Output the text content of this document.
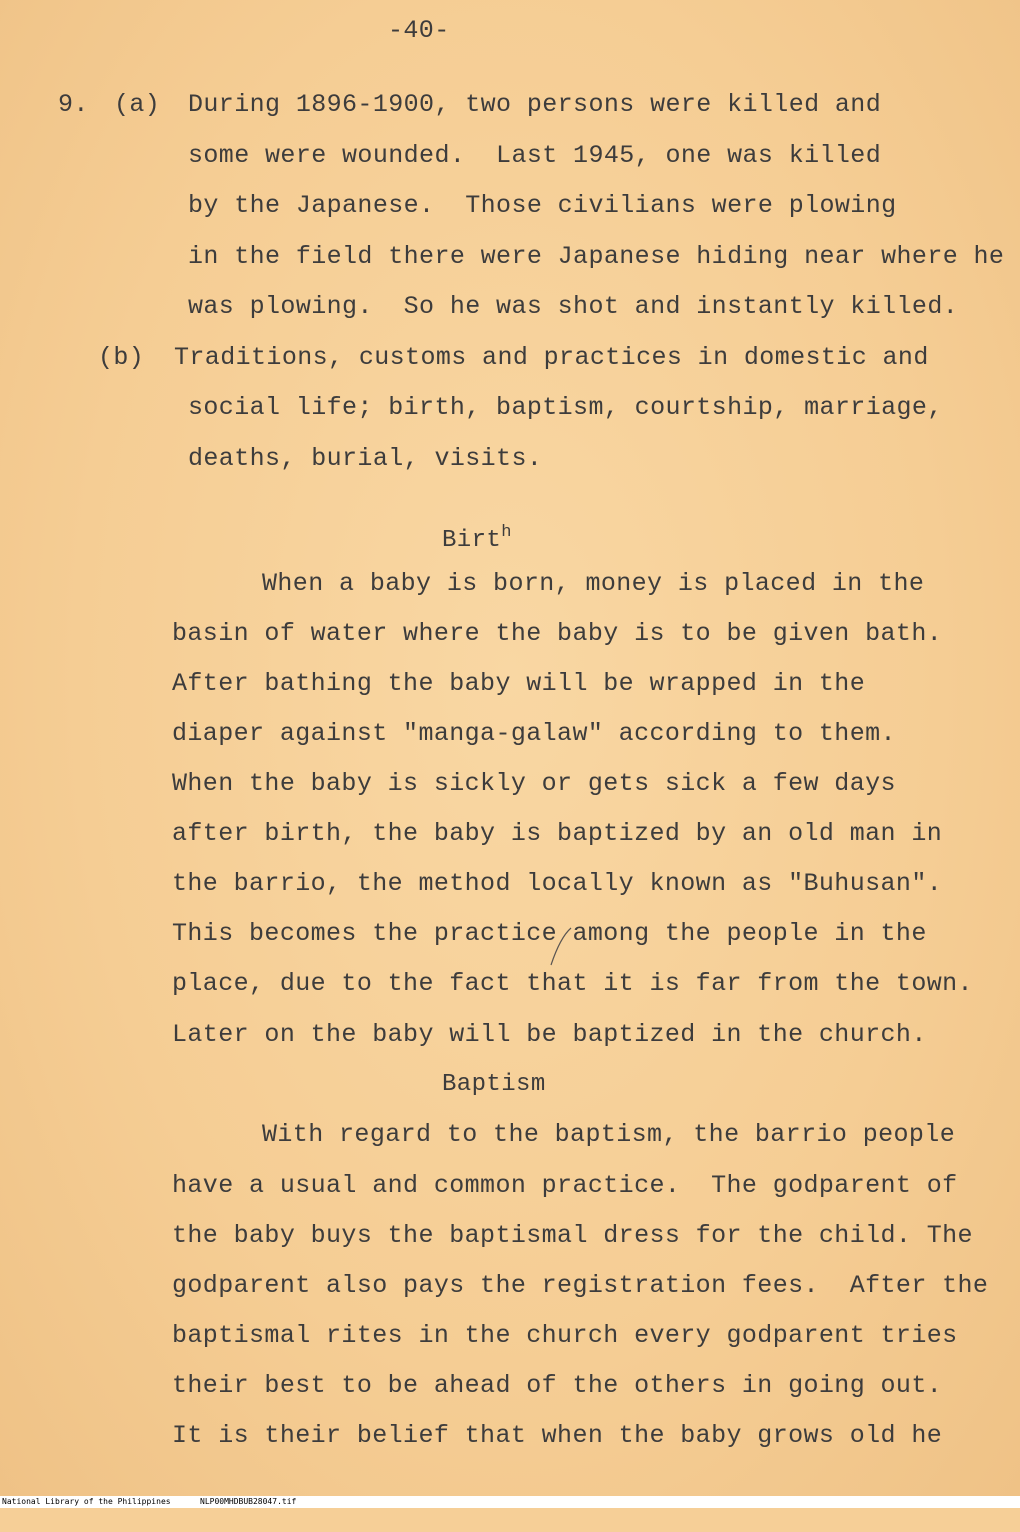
-40-
9. (a) During 1896-1900, two persons were killed and
some were wounded.  Last 1945, one was killed
by the Japanese.  Those civilians were plowing
in the field there were Japanese hiding near where he
was plowing.  So he was shot and instantly killed.
(b) Traditions, customs and practices in domestic and
social life; birth, baptism, courtship, marriage,
deaths, burial, visits.
Birt$^h$
When a baby is born, money is placed in the
basin of water where the baby is to be given bath.
After bathing the baby will be wrapped in the
diaper against "manga-galaw" according to them.
When the baby is sickly or gets sick a few days
after birth, the baby is baptized by an old man in
the barrio, the method locally known as "Buhusan".
This becomes the practice among the people in the
place, due to the fact that it is far from the town.
Later on the baby will be baptized in the church.
Baptism
With regard to the baptism, the barrio people
have a usual and common practice.  The godparent of
the baby buys the baptismal dress for the child. The
godparent also pays the registration fees.  After the
baptismal rites in the church every godparent tries
their best to be ahead of the others in going out.
It is their belief that when the baby grows old he

National Library of the Philippines

	NLP00MHDBUB28047.tif
